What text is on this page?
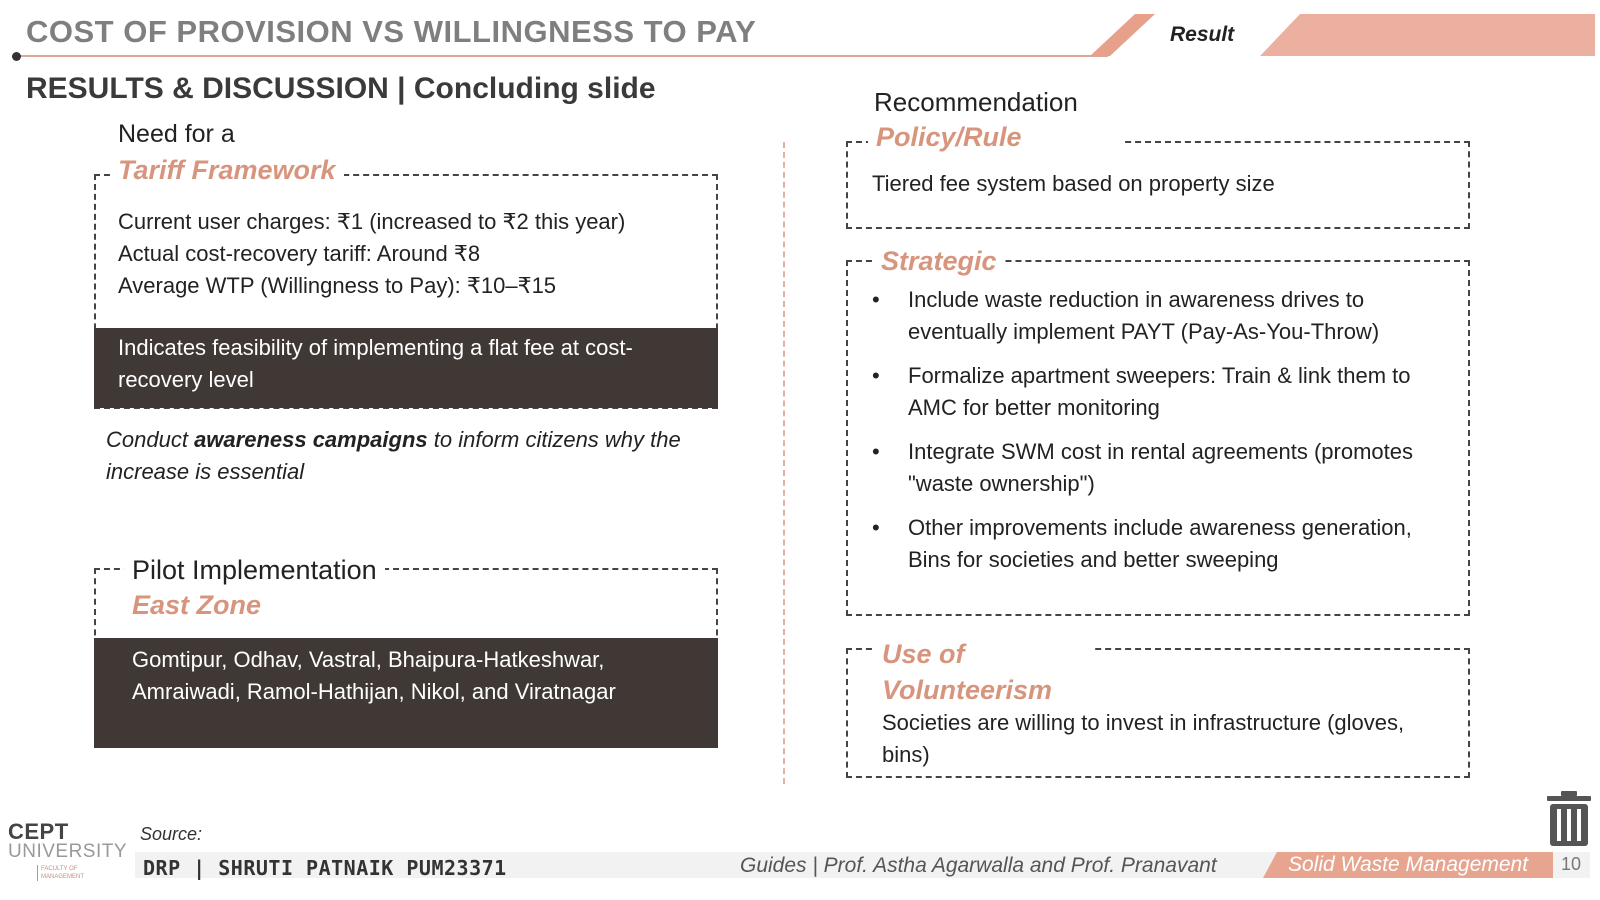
COST OF PROVISION VS WILLINGNESS TO PAY	Result
RESULTS & DISCUSSION | Concluding slide
Need for a
Tariff Framework
Current user charges: ₹1 (increased to ₹2 this year)
Actual cost-recovery tariff: Around ₹8
Average WTP (Willingness to Pay): ₹10–₹15
Indicates feasibility of implementing a flat fee at cost-recovery level
Conduct awareness campaigns to inform citizens why the increase is essential
Pilot Implementation
East Zone
Gomtipur, Odhav, Vastral, Bhaipura-Hatkeshwar, Amraiwadi, Ramol-Hathijan, Nikol, and Viratnagar
Recommendation
Policy/Rule
Tiered fee system based on property size
Strategic
• Include waste reduction in awareness drives to eventually implement PAYT (Pay-As-You-Throw)
• Formalize apartment sweepers: Train & link them to AMC for better monitoring
• Integrate SWM cost in rental agreements (promotes "waste ownership")
• Other improvements include awareness generation, Bins for societies and better sweeping
Use of
Volunteerism
Societies are willing to invest in infrastructure (gloves, bins)
CEPT
UNIVERSITY
FACULTY OF MANAGEMENT
Source:
DRP | SHRUTI PATNAIK PUM23371	Guides | Prof. Astha Agarwalla and Prof. Pranavant	Solid Waste Management 10
